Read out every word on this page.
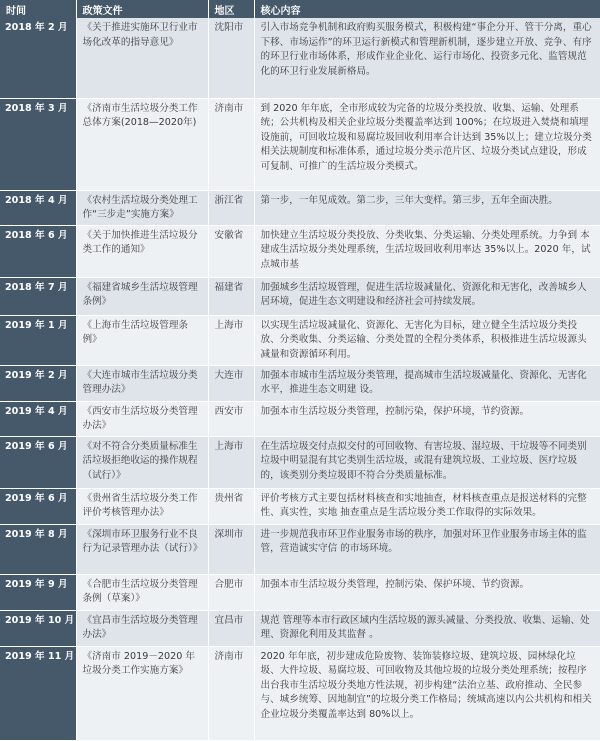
时间	政策文件	地区	核心内容
2018 年 2 月	《关于推进实施环卫行业市场化改革的指导意见》	沈阳市	引入市场竞争机制和政府购买服务模式，积极构建“事企分开、管干分离，重心下移、市场运作”的环卫运行新模式和管理新机制，逐步建立开放、竞争、有序的环卫行业市场体系，形成作业企业化、运行市场化、投资多元化、监管规范化的环卫行业发展新格局。
2018 年 3 月	《济南市生活垃圾分类工作总体方案(2018—2020年)	济南市	到 2020 年年底，全市形成较为完备的垃圾分类投放、收集、运输、处理系统；公共机构及相关企业垃圾分类覆盖率达到 100%；在垃圾进入焚烧和填埋设施前，可回收垃圾和易腐垃圾回收利用率合计达到 35%以上；建立垃圾分类相关法规制度和标准体系，通过垃圾分类示范片区、垃圾分类试点建设，形成可复制、可推广的生活垃圾分类模式。
2018 年 4 月	《农村生活垃圾分类处理工作“三步走”实施方案》	浙江省	第一步，一年见成效。第二步，三年大变样。第三步，五年全面决胜。
2018 年 6 月	《关于加快推进生活垃圾分类工作的通知》	安徽省	加快建立生活垃圾分类投放、分类收集、分类运输、分类处理系统。力争到 本建成生活垃圾分类处理系统，生活垃圾回收利用率达 35%以上。2020 年，试点城市基
2018 年 7 月	《福建省城乡生活垃圾管理条例》	福建省	加强城乡生活垃圾管理，促进生活垃圾减量化、资源化和无害化，改善城乡人居环境，促进生态文明建设和经济社会可持续发展。
2019 年 1 月	《上海市生活垃圾管理条例》	上海市	以实现生活垃圾减量化、资源化、无害化为目标，建立健全生活垃圾分类投放、分类收集、分类运输、分类处置的全程分类体系，积极推进生活垃圾源头减量和资源循环利用。
2019 年 2 月	《大连市城市生活垃圾分类管理办法》	大连市	加强本市城市生活垃圾分类管理，提高城市生活垃圾减量化、资源化、无害化水平，推进生态文明建 设。
2019 年 4 月	《西安市生活垃圾分类管理办法》	西安市	加强本市生活垃圾分类管理，控制污染，保护环境，节约资源。
2019 年 6 月	《对不符合分类质量标准生活垃圾拒绝收运的操作规程（试行）》	上海市	在生活垃圾交付点拟交付的可回收物、有害垃圾、湿垃圾、干垃圾等不同类别垃圾中明显混有其它类别生活垃圾，或混有建筑垃圾、工业垃圾、医疗垃圾的，该类别分类垃圾即不符合分类质量标准。
2019 年 6 月	《贵州省生活垃圾分类工作评价考核管理办法》	贵州省	评价考核方式主要包括材料核查和实地抽查，材料核查重点是报送材料的完整性、真实性，实地 抽查重点是生活垃圾分类工作取得的实际效果。
2019 年 8 月	《深圳市环卫服务行业不良行为记录管理办法（试行）》	深圳市	进一步规范我市环卫作业服务市场的秩序，加强对环卫作业服务市场主体的监管，营造诚实守信 的市场环境。
2019 年 9 月	《合肥市生活垃圾分类管理条例（草案）》	合肥市	加强本市生活垃圾分类管理，控制污染、保护环境、节约资源。
2019 年 10 月	《宜昌市生活垃圾分类管理办法》	宜昌市	规范 管理等本市行政区域内生活垃圾的源头减量、分类投放、收集、运输、处理、资源化利用及其监督 。
2019 年 11 月	《济南市 2019－2020 年垃圾分类工作实施方案》	济南市	2020 年年底，初步建成危险废物、装饰装修垃圾、建筑垃圾、园林绿化垃圾、大件垃圾、易腐垃圾、可回收物及其他垃圾的垃圾分类处理系统；按程序出台我市生活垃圾分类地方性法规，初步构建“法治立基、政府推动、全民参与、城乡统筹、因地制宜”的垃圾分类工作格局；统城高速以内公共机构和相关企业垃圾分类覆盖率达到 80%以上。
